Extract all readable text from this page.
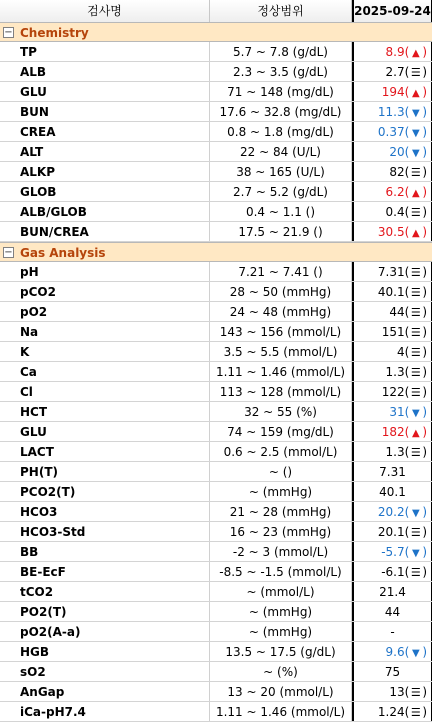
검사명	정상범위	2025-09-24
− Chemistry
TP	5.7 ~ 7.8 (g/dL)	8.9( ▲ )
ALB	2.3 ~ 3.5 (g/dL)	2.7( ☰ )
GLU	71 ~ 148 (mg/dL)	194( ▲ )
BUN	17.6 ~ 32.8 (mg/dL)	11.3( ▼ )
CREA	0.8 ~ 1.8 (mg/dL)	0.37( ▼ )
ALT	22 ~ 84 (U/L)	20( ▼ )
ALKP	38 ~ 165 (U/L)	82( ☰ )
GLOB	2.7 ~ 5.2 (g/dL)	6.2( ▲ )
ALB/GLOB	0.4 ~ 1.1 ()	0.4( ☰ )
BUN/CREA	17.5 ~ 21.9 ()	30.5( ▲ )
− Gas Analysis
pH	7.21 ~ 7.41 ()	7.31( ☰ )
pCO2	28 ~ 50 (mmHg)	40.1( ☰ )
pO2	24 ~ 48 (mmHg)	44( ☰ )
Na	143 ~ 156 (mmol/L)	151( ☰ )
K	3.5 ~ 5.5 (mmol/L)	4( ☰ )
Ca	1.11 ~ 1.46 (mmol/L)	1.3( ☰ )
Cl	113 ~ 128 (mmol/L)	122( ☰ )
HCT	32 ~ 55 (%)	31( ▼ )
GLU	74 ~ 159 (mg/dL)	182( ▲ )
LACT	0.6 ~ 2.5 (mmol/L)	1.3( ☰ )
PH(T)	~ ()	7.31
PCO2(T)	~ (mmHg)	40.1
HCO3	21 ~ 28 (mmHg)	20.2( ▼ )
HCO3-Std	16 ~ 23 (mmHg)	20.1( ☰ )
BB	-2 ~ 3 (mmol/L)	-5.7( ▼ )
BE-EcF	-8.5 ~ -1.5 (mmol/L)	-6.1( ☰ )
tCO2	~ (mmol/L)	21.4
PO2(T)	~ (mmHg)	44
pO2(A-a)	~ (mmHg)	-
HGB	13.5 ~ 17.5 (g/dL)	9.6( ▼ )
sO2	~ (%)	75
AnGap	13 ~ 20 (mmol/L)	13( ☰ )
iCa-pH7.4	1.11 ~ 1.46 (mmol/L)	1.24( ☰ )
